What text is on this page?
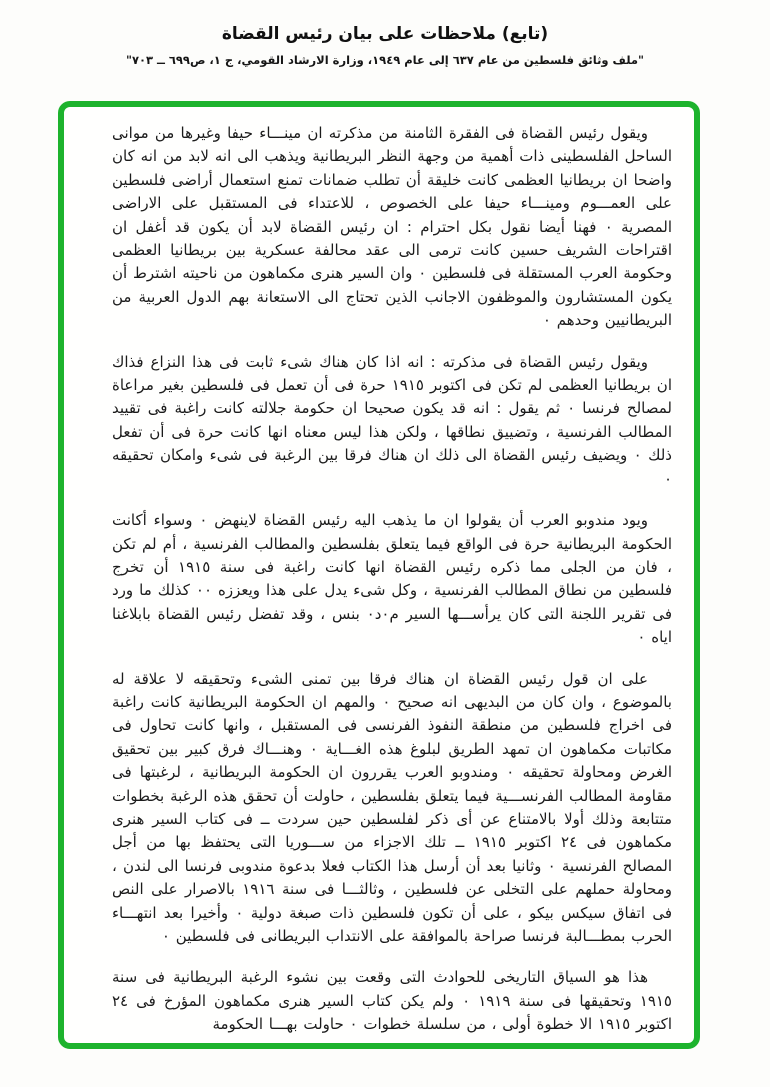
(تابع) ملاحظات على بيان رئيس القضاة
"ملف وثائق فلسطين من عام ٦٣٧ إلى عام ١٩٤٩، وزارة الارشاد القومي، ج ١، ص٦٩٩ ــ ٧٠٣"

ويقول رئيس القضاة فى الفقرة الثامنة من مذكرته ان مينـــاء حيفا وغيرها من موانى الساحل الفلسطينى ذات أهمية من وجهة النظر البريطانية ويذهب الى انه لابد من انه كان واضحا ان بريطانيا العظمى كانت خليقة أن تطلب ضمانات تمنع استعمال أراضى فلسطين على العمـــوم ومينـــاء حيفا على الخصوص ، للاعتداء فى المستقبل على الاراضى المصرية ٠ فهنا أيضا نقول بكل احترام : ان رئيس القضاة لابد أن يكون قد أغفل ان اقتراحات الشريف حسين كانت ترمى الى عقد محالفة عسكرية بين بريطانيا العظمى وحكومة العرب المستقلة فى فلسطين ٠ وان السير هنرى مكماهون من ناحيته اشترط أن يكون المستشارون والموظفون الاجانب الذين تحتاج الى الاستعانة بهم الدول العربية من البريطانيين وحدهم ٠

ويقول رئيس القضاة فى مذكرته : انه اذا كان هناك شىء ثابت فى هذا النزاع فذاك ان بريطانيا العظمى لم تكن فى اكتوبر ١٩١٥ حرة فى أن تعمل فى فلسطين بغير مراعاة لمصالح فرنسا ٠ ثم يقول : انه قد يكون صحيحا ان حكومة جلالته كانت راغبة فى تقييد المطالب الفرنسية ، وتضييق نطاقها ، ولكن هذا ليس معناه انها كانت حرة فى أن تفعل ذلك ٠ ويضيف رئيس القضاة الى ذلك ان هناك فرقا بين الرغبة فى شىء وامكان تحقيقه ٠

ويود مندوبو العرب أن يقولوا ان ما يذهب اليه رئيس القضاة لاينهض ٠ وسواء أكانت الحكومة البريطانية حرة فى الواقع فيما يتعلق بفلسطين والمطالب الفرنسية ، أم لم تكن ، فان من الجلى مما ذكره رئيس القضاة انها كانت راغبة فى سنة ١٩١٥ أن تخرج فلسطين من نطاق المطالب الفرنسية ، وكل شىء يدل على هذا ويعززه ٠٠ كذلك ما ورد فى تقرير اللجنة التى كان يرأســـها السير م٠د٠ بنس ، وقد تفضل رئيس القضاة بابلاغنا اياه ٠

على ان قول رئيس القضاة ان هناك فرقا بين تمنى الشىء وتحقيقه لا علاقة له بالموضوع ، وان كان من البديهى انه صحيح ٠ والمهم ان الحكومة البريطانية كانت راغبة فى اخراج فلسطين من منطقة النفوذ الفرنسى فى المستقبل ، وانها كانت تحاول فى مكاتبات مكماهون ان تمهد الطريق لبلوغ هذه الغـــاية ٠ وهنـــاك فرق كبير بين تحقيق الغرض ومحاولة تحقيقه ٠ ومندوبو العرب يقررون ان الحكومة البريطانية ، لرغبتها فى مقاومة المطالب الفرنســـية فيما يتعلق بفلسطين ، حاولت أن تحقق هذه الرغبة بخطوات متتابعة وذلك أولا بالامتناع عن أى ذكر لفلسطين حين سردت ــ فى كتاب السير هنرى مكماهون فى ٢٤ اكتوبر ١٩١٥ ــ تلك الاجزاء من ســـوريا التى يحتفظ بها من أجل المصالح الفرنسية ٠ وثانيا بعد أن أرسل هذا الكتاب فعلا بدعوة مندوبى فرنسا الى لندن ، ومحاولة حملهم على التخلى عن فلسطين ، وثالثـــا فى سنة ١٩١٦ بالاصرار على النص فى اتفاق سيكس بيكو ، على أن تكون فلسطين ذات صبغة دولية ٠ وأخيرا بعد انتهـــاء الحرب بمطـــالبة فرنسا صراحة بالموافقة على الانتداب البريطانى فى فلسطين ٠

هذا هو السياق التاريخى للحوادث التى وقعت بين نشوء الرغبة البريطانية فى سنة ١٩١٥ وتحقيقها فى سنة ١٩١٩ ٠ ولم يكن كتاب السير هنرى مكماهون المؤرخ فى ٢٤ اكتوبر ١٩١٥ الا خطوة أولى ، من سلسلة خطوات ٠ حاولت بهـــا الحكومة
